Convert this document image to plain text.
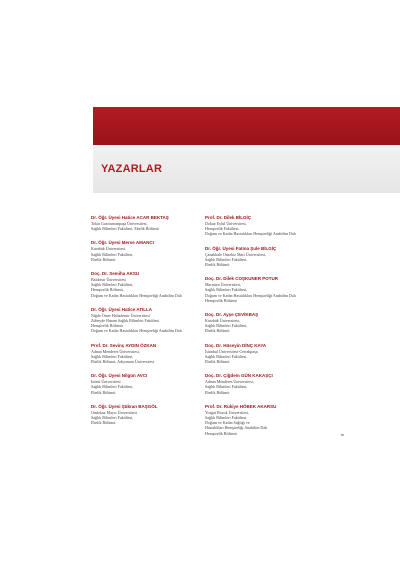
YAZARLAR
Dr. Öğr. Üyesi Hatice ACAR BEKTAŞ
Tokat Gaziosmanpaşa Üniversitesi,
Sağlık Bilimleri Fakültesi, Ebelik Bölümü
Dr. Öğr. Üyesi Merve AMANCI
Karabük Üniversitesi,
Sağlık Bilimleri Fakültesi,
Ebelik Bölümü
Doç. Dr. Semiha AKSU
Balıkesir Üniversitesi
Sağlık Bilimleri Fakültesi,
Hemşirelik Bölümü,
Doğum ve Kadın Hastalıkları Hemşireliği Anabilim Dalı
Dr. Öğr. Üyesi Hatice ATILLA
Niğde Ömer Halisdemir Üniversitesi
Zübeyde Hanım Sağlık Bilimleri Fakültesi
Hemşirelik Bölümü
Doğum ve Kadın Hastalıkları Hemşireliği Anabilim Dalı
Prof. Dr. Sevinç AYDIN ÖZKAN
Adnan Menderes Üniversitesi,
Sağlık Bilimleri Fakültesi,
Ebelik Bölümü, Adıyaman Üniversitesi
Dr. Öğr. Üyesi Nilgün AVCI
İnönü Üniversitesi
Sağlık Bilimleri Fakültesi,
Ebelik Bölümü
Dr. Öğr. Üyesi Şükran BAŞGÖL
Ondokuz Mayıs Üniversitesi
Sağlık Bilimleri Fakültesi,
Ebelik Bölümü
Prof. Dr. Dilek BİLGİÇ
Dokuz Eylül Üniversitesi,
Hemşirelik Fakültesi,
Doğum ve Kadın Hastalıkları Hemşireliği Anabilim Dalı
Dr. Öğr. Üyesi Fatma Şule BİLGİÇ
Çanakkale Onsekiz Mart Üniversitesi,
Sağlık Bilimleri Fakültesi,
Ebelik Bölümü
Doç. Dr. Dilek COŞKUNER POTUR
Marmara Üniversitesi,
Sağlık Bilimleri Fakültesi,
Doğum ve Kadın Hastalıkları Hemşireliği Anabilim Dalı
Hemşirelik Bölümü
Doç. Dr. Ayşe ÇEVİKBAŞ
Karabük Üniversitesi,
Sağlık Bilimleri Fakültesi,
Ebelik Bölümü
Doç. Dr. Hüseyin DİNÇ KAYA
İstanbul Üniversitesi-Cerrahpaşa,
Sağlık Bilimleri Fakültesi,
Ebelik Bölümü
Doç. Dr. Çiğdem GÜN KAKAŞÇI
Adnan Menderes Üniversitesi,
Sağlık Bilimleri Fakültesi,
Ebelik Bölümü
Prof. Dr. Rukiye HÖBEK AKARSU
Yozgat Bozok Üniversitesi,
Sağlık Bilimleri Fakültesi,
Doğum ve Kadın Sağlığı ve
Hastalıkları Hemşireliği Anabilim Dalı
Hemşirelik Bölümü	ix
